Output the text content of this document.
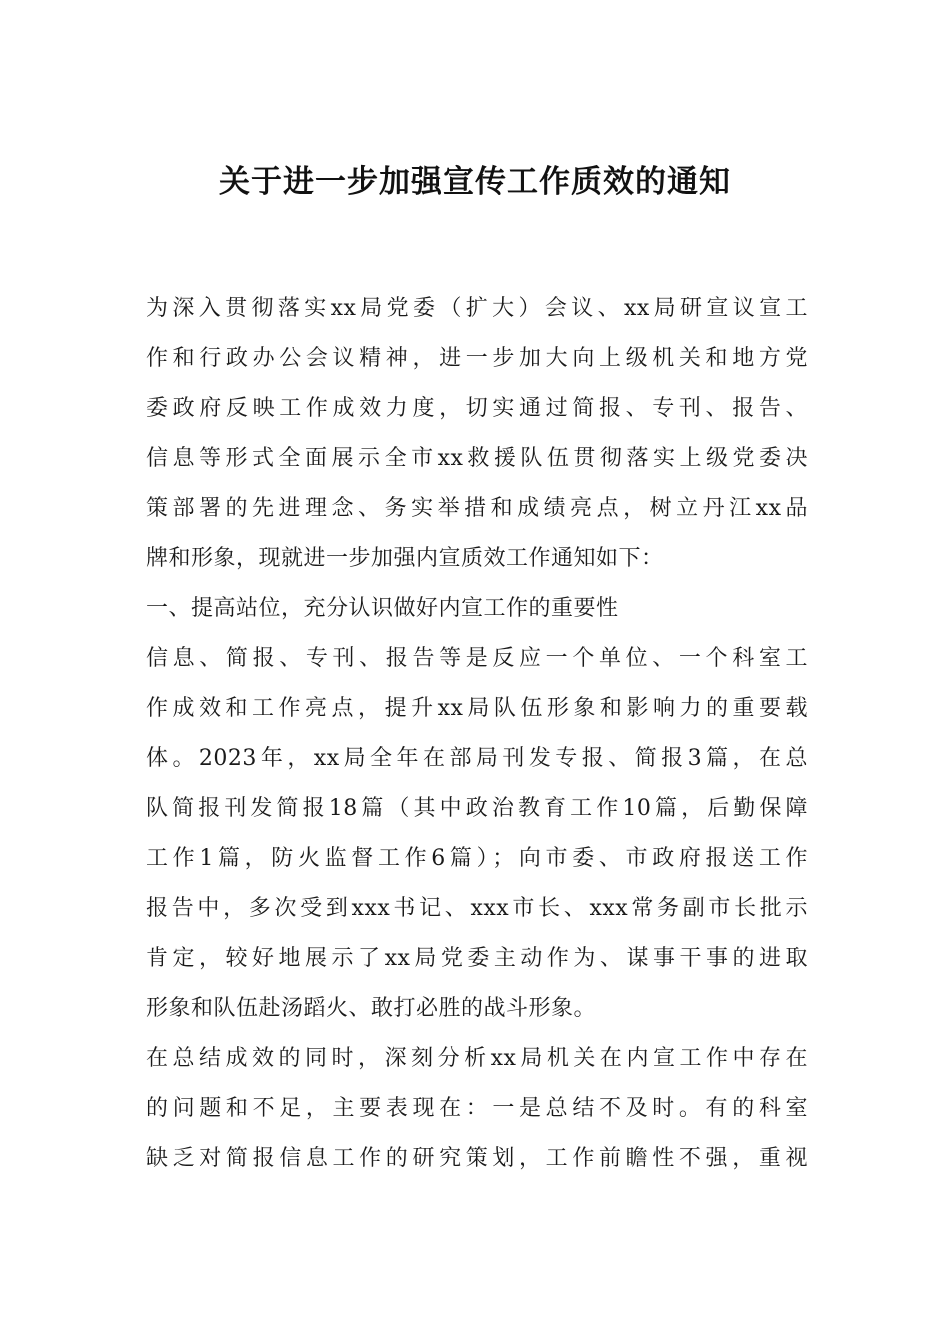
关于进一步加强宣传工作质效的通知
为深入贯彻落实xx局党委（扩大）会议、xx局研宣议宣工
作和行政办公会议精神，进一步加大向上级机关和地方党
委政府反映工作成效力度，切实通过简报、专刊、报告、
信息等形式全面展示全市xx救援队伍贯彻落实上级党委决
策部署的先进理念、务实举措和成绩亮点，树立丹江xx品
牌和形象，现就进一步加强内宣质效工作通知如下：
一、提高站位，充分认识做好内宣工作的重要性
信息、简报、专刊、报告等是反应一个单位、一个科室工
作成效和工作亮点，提升xx局队伍形象和影响力的重要载
体。2023年，xx局全年在部局刊发专报、简报3篇，在总
队简报刊发简报18篇（其中政治教育工作10篇，后勤保障
工作1篇，防火监督工作6篇）；向市委、市政府报送工作
报告中，多次受到xxx书记、xxx市长、xxx常务副市长批示
肯定，较好地展示了xx局党委主动作为、谋事干事的进取
形象和队伍赴汤蹈火、敢打必胜的战斗形象。
在总结成效的同时，深刻分析xx局机关在内宣工作中存在
的问题和不足，主要表现在：一是总结不及时。有的科室
缺乏对简报信息工作的研究策划，工作前瞻性不强，重视
